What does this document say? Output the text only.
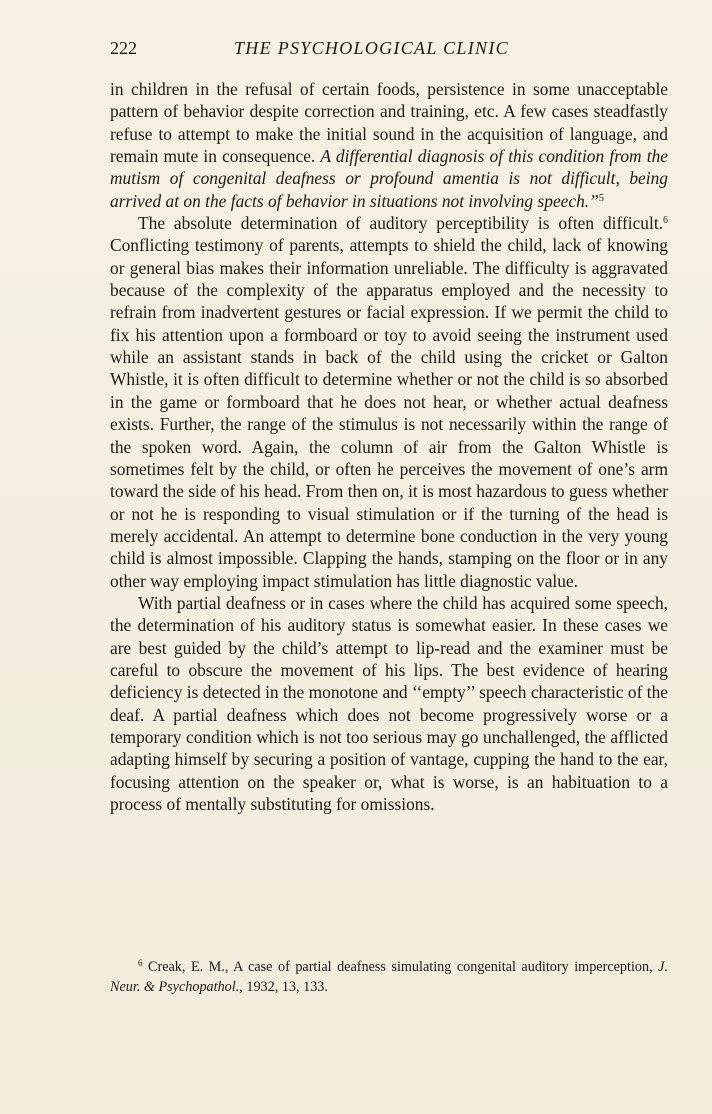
222	THE PSYCHOLOGICAL CLINIC

in children in the refusal of certain foods, persistence in some unacceptable pattern of behavior despite correction and training, etc. A few cases steadfastly refuse to attempt to make the initial sound in the acquisition of language, and remain mute in consequence. A differential diagnosis of this condition from the mutism of congenital deafness or profound amentia is not difficult, being arrived at on the facts of behavior in situations not involving speech.”$^5$

The absolute determination of auditory perceptibility is often difficult.$^6$ Conflicting testimony of parents, attempts to shield the child, lack of knowing or general bias makes their information unreliable. The difficulty is aggravated because of the complexity of the apparatus employed and the necessity to refrain from inadvertent gestures or facial expression. If we permit the child to fix his attention upon a formboard or toy to avoid seeing the instrument used while an assistant stands in back of the child using the cricket or Galton Whistle, it is often difficult to determine whether or not the child is so absorbed in the game or formboard that he does not hear, or whether actual deafness exists. Further, the range of the stimulus is not necessarily within the range of the spoken word. Again, the column of air from the Galton Whistle is sometimes felt by the child, or often he perceives the movement of one’s arm toward the side of his head. From then on, it is most hazardous to guess whether or not he is responding to visual stimulation or if the turning of the head is merely accidental. An attempt to determine bone conduction in the very young child is almost impossible. Clapping the hands, stamping on the floor or in any other way employing impact stimulation has little diagnostic value.

With partial deafness or in cases where the child has acquired some speech, the determination of his auditory status is somewhat easier. In these cases we are best guided by the child’s attempt to lip-read and the examiner must be careful to obscure the movement of his lips. The best evidence of hearing deficiency is detected in the monotone and ‘‘empty’’ speech characteristic of the deaf. A partial deafness which does not become progressively worse or a temporary condition which is not too serious may go unchallenged, the afflicted adapting himself by securing a position of vantage, cupping the hand to the ear, focusing attention on the speaker or, what is worse, is an habituation to a process of mentally substituting for omissions.

$^6$ Creak, E. M., A case of partial deafness simulating congenital auditory imperception, J. Neur. & Psychopathol., 1932, 13, 133.
